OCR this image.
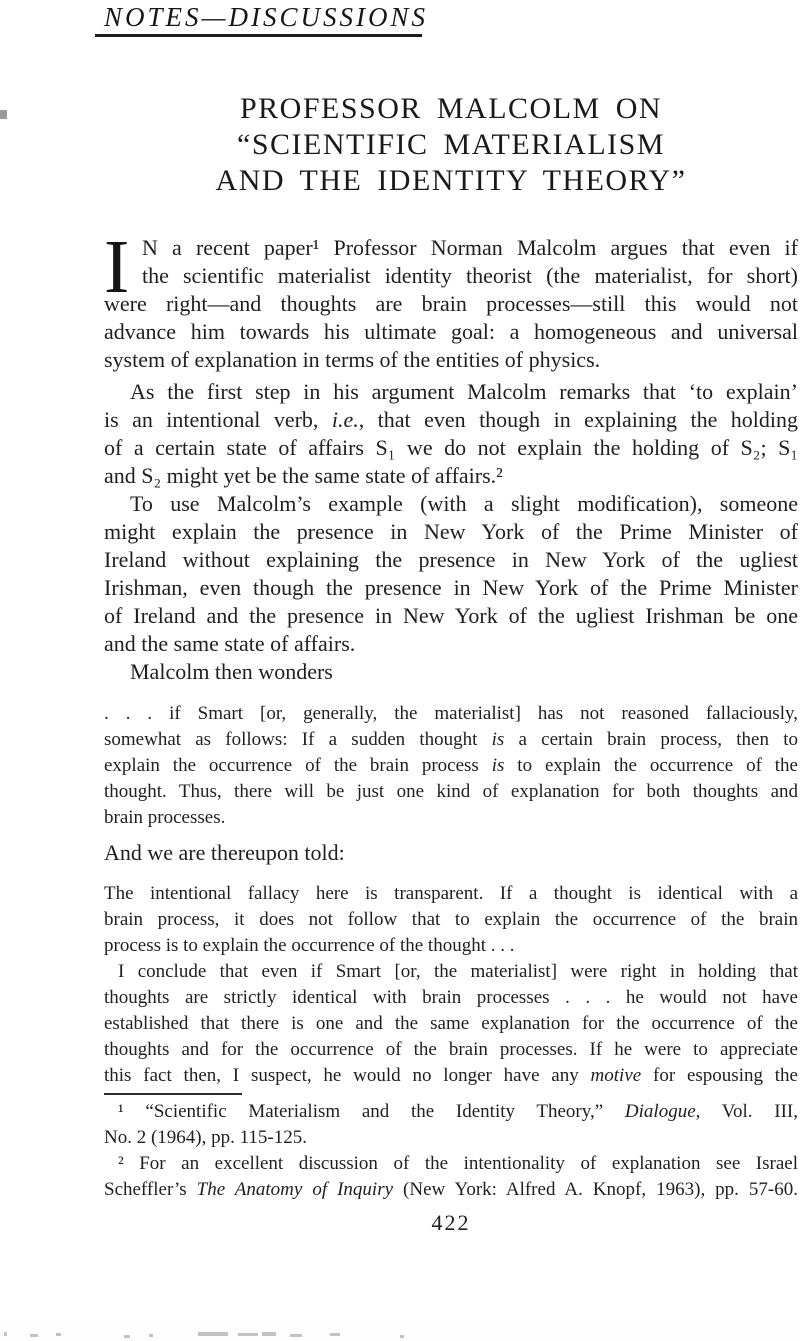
NOTES—DISCUSSIONS
PROFESSOR MALCOLM ON
“SCIENTIFIC MATERIALISM
AND THE IDENTITY THEORY”
I N a recent paper¹ Professor Norman Malcolm argues that even if
the scientific materialist identity theorist (the materialist, for short)
were right—and thoughts are brain processes—still this would not
advance him towards his ultimate goal: a homogeneous and universal
system of explanation in terms of the entities of physics.
As the first step in his argument Malcolm remarks that ‘to explain’
is an intentional verb, i.e., that even though in explaining the holding
of a certain state of affairs S₁ we do not explain the holding of S₂; S₁
and S₂ might yet be the same state of affairs.²
To use Malcolm’s example (with a slight modification), someone
might explain the presence in New York of the Prime Minister of
Ireland without explaining the presence in New York of the ugliest
Irishman, even though the presence in New York of the Prime Minister
of Ireland and the presence in New York of the ugliest Irishman be one
and the same state of affairs.
Malcolm then wonders
. . . if Smart [or, generally, the materialist] has not reasoned fallaciously,
somewhat as follows: If a sudden thought is a certain brain process, then to
explain the occurrence of the brain process is to explain the occurrence of the
thought. Thus, there will be just one kind of explanation for both thoughts and
brain processes.
And we are thereupon told:
The intentional fallacy here is transparent. If a thought is identical with a
brain process, it does not follow that to explain the occurrence of the brain
process is to explain the occurrence of the thought . . .
I conclude that even if Smart [or, the materialist] were right in holding that
thoughts are strictly identical with brain processes . . . he would not have
established that there is one and the same explanation for the occurrence of the
thoughts and for the occurrence of the brain processes. If he were to appreciate
this fact then, I suspect, he would no longer have any motive for espousing the
¹ “Scientific Materialism and the Identity Theory,” Dialogue, Vol. III,
No. 2 (1964), pp. 115-125.
² For an excellent discussion of the intentionality of explanation see Israel
Scheffler’s The Anatomy of Inquiry (New York: Alfred A. Knopf, 1963), pp. 57-60.
422
